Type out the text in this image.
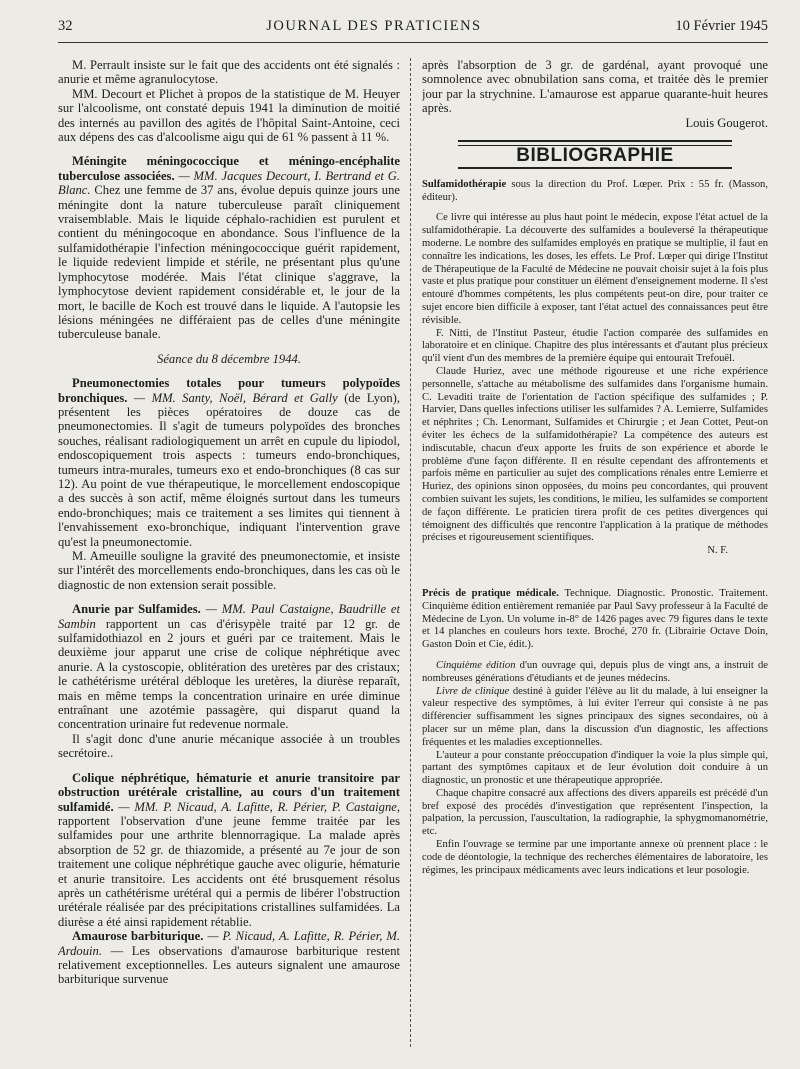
32	JOURNAL DES PRATICIENS	10 Février 1945

M. Perrault insiste sur le fait que des accidents ont été signalés : anurie et même agranulocytose.

MM. Decourt et Plichet à propos de la statistique de M. Heuyer sur l'alcoolisme, ont constaté depuis 1941 la diminution de moitié des internés au pavillon des agités de l'hôpital Saint-Antoine, ceci aux dépens des cas d'alcoolisme aigu qui de 61 % passent à 11 %.

Méningite méningococcique et méningo-encéphalite tuberculose associées. — MM. Jacques Decourt, I. Bertrand et G. Blanc. Chez une femme de 37 ans, évolue depuis quinze jours une méningite dont la nature tuberculeuse paraît cliniquement vraisemblable. Mais le liquide céphalo-rachidien est purulent et contient du méningocoque en abondance. Sous l'influence de la sulfamidothérapie l'infection méningococcique guérit rapidement, le liquide redevient limpide et stérile, ne présentant plus qu'une lymphocytose modérée. Mais l'état clinique s'aggrave, la lymphocytose devient rapidement considérable et, le jour de la mort, le bacille de Koch est trouvé dans le liquide. A l'autopsie les lésions méningées ne différaient pas de celles d'une méningite tuberculeuse banale.

Séance du 8 décembre 1944.

Pneumonectomies totales pour tumeurs polypoïdes bronchiques. — MM. Santy, Noël, Bérard et Gally (de Lyon), présentent les pièces opératoires de douze cas de pneumonectomies. Il s'agit de tumeurs polypoïdes des bronches souches, réalisant radiologiquement un arrêt en cupule du lipiodol, endoscopiquement trois aspects : tumeurs endo-bronchiques, tumeurs intra-murales, tumeurs exo et endo-bronchiques (8 cas sur 12). Au point de vue thérapeutique, le morcellement endoscopique a des succès à son actif, même éloignés surtout dans les tumeurs endo-bronchiques; mais ce traitement a ses limites qui tiennent à l'envahissement exo-bronchique, indiquant l'intervention grave qu'est la pneumonectomie.

M. Ameuille souligne la gravité des pneumonectomie, et insiste sur l'intérêt des morcellements endo-bronchiques, dans les cas où le diagnostic de non extension serait possible.

Anurie par Sulfamides. — MM. Paul Castaigne, Baudrille et Sambin rapportent un cas d'érisypèle traité par 12 gr. de sulfamidothiazol en 2 jours et guéri par ce traitement. Mais le deuxième jour apparut une crise de colique néphrétique avec anurie. A la cystoscopie, oblitération des uretères par des cristaux; le cathétérisme urétéral débloque les uretères, la diurèse reparaît, mais en même temps la concentration urinaire en urée diminue entraînant une azotémie passagère, qui disparut quand la concentration urinaire fut redevenue normale.

Il s'agit donc d'une anurie mécanique associée à un troubles secrétoire..

Colique néphrétique, hématurie et anurie transitoire par obstruction urétérale cristalline, au cours d'un traitement sulfamidé. — MM. P. Nicaud, A. Lafitte, R. Périer, P. Castaigne, rapportent l'observation d'une jeune femme traitée par les sulfamides pour une arthrite blennorragique. La malade après absorption de 52 gr. de thiazomide, a présenté au 7e jour de son traitement une colique néphrétique gauche avec oligurie, hématurie et anurie transitoire. Les accidents ont été brusquement résolus après un cathétérisme urétéral qui a permis de libérer l'obstruction urétérale réalisée par des précipitations cristallines sulfamidées. La diurèse a été ainsi rapidement rétablie.

Amaurose barbiturique. — P. Nicaud, A. Lafitte, R. Périer, M. Ardouin. — Les observations d'amaurose barbiturique restent relativement exceptionnelles. Les auteurs signalent une amaurose barbiturique survenue

après l'absorption de 3 gr. de gardénal, ayant provoqué une somnolence avec obnubilation sans coma, et traitée dès le premier jour par la strychnine. L'amaurose est apparue quarante-huit heures après.

Louis Gougerot.

BIBLIOGRAPHIE

Sulfamidothérapie sous la direction du Prof. Lœper. Prix : 55 fr. (Masson, éditeur).

Ce livre qui intéresse au plus haut point le médecin, expose l'état actuel de la sulfamidothérapie. La découverte des sulfamides a bouleversé la thérapeutique moderne. Le nombre des sulfamides employés en pratique se multiplie, il faut en connaître les indications, les doses, les effets. Le Prof. Lœper qui dirige l'Institut de Thérapeutique de la Faculté de Médecine ne pouvait choisir sujet à la fois plus vaste et plus pratique pour constituer un élément d'enseignement moderne. Il s'est entouré d'hommes compétents, les plus compétents peut-on dire, pour traiter ce sujet encore bien difficile à exposer, tant l'état actuel des connaissances peut être révisible.

F. Nitti, de l'Institut Pasteur, étudie l'action comparée des sulfamides en laboratoire et en clinique. Chapitre des plus intéressants et d'autant plus précieux qu'il vient d'un des membres de la première équipe qui entourait Trefouël.

Claude Huriez, avec une méthode rigoureuse et une riche expérience personnelle, s'attache au métabolisme des sulfamides dans l'organisme humain. C. Levaditi traite de l'orientation de l'action spécifique des sulfamides ; P. Harvier, Dans quelles infections utiliser les sulfamides ? A. Lemierre, Sulfamides et néphrites ; Ch. Lenormant, Sulfamides et Chirurgie ; et Jean Cottet, Peut-on éviter les échecs de la sulfamidothérapie? La compétence des auteurs est indiscutable, chacun d'eux apporte les fruits de son expérience et aborde le problème d'une façon différente. Il en résulte cependant des affrontements et parfois même en particulier au sujet des complications rénales entre Lemierre et Huriez, des opinions sinon opposées, du moins peu concordantes, qui prouvent combien suivant les sujets, les conditions, le milieu, les sulfamides se comportent de façon différente. Le praticien tirera profit de ces petites divergences qui témoignent des difficultés que rencontre l'application à la pratique de méthodes précises et rigoureusement scientifiques.

N. F.

Précis de pratique médicale. Technique. Diagnostic. Pronostic. Traitement. Cinquième édition entièrement remaniée par Paul Savy professeur à la Faculté de Médecine de Lyon. Un volume in-8° de 1426 pages avec 79 figures dans le texte et 14 planches en couleurs hors texte. Broché, 270 fr. (Librairie Octave Doin, Gaston Doin et Cie, édit.).

Cinquième édition d'un ouvrage qui, depuis plus de vingt ans, a instruit de nombreuses générations d'étudiants et de jeunes médecins.

Livre de clinique destiné à guider l'élève au lit du malade, à lui enseigner la valeur respective des symptômes, à lui éviter l'erreur qui consiste à ne pas différencier suffisamment les signes principaux des signes secondaires, où à placer sur un même plan, dans la discussion d'un diagnostic, les affections fréquentes et les maladies exceptionnelles.

L'auteur a pour constante préoccupation d'indiquer la voie la plus simple qui, partant des symptômes capitaux et de leur évolution doit conduire à un diagnostic, un pronostic et une thérapeutique appropriée.

Chaque chapitre consacré aux affections des divers appareils est précédé d'un bref exposé des procédés d'investigation que représentent l'inspection, la palpation, la percussion, l'auscultation, la radiographie, la sphygmomanométrie, etc.

Enfin l'ouvrage se termine par une importante annexe où prennent place : le code de déontologie, la technique des recherches élémentaires de laboratoire, les régimes, les principaux médicaments avec leurs indications et leur posologie.
